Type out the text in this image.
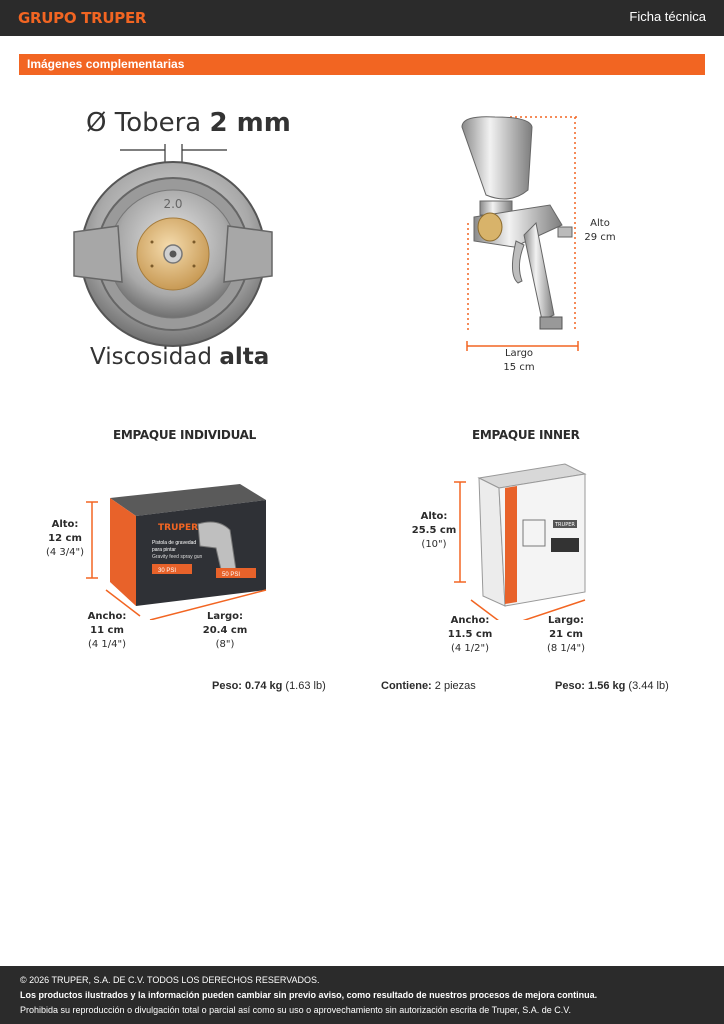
GRUPO TRUPER	Ficha técnica
Imágenes complementarias
Ø Tobera 2 mm
2.0
Viscosidad alta
Alto
29 cm
Largo
15 cm
EMPAQUE INDIVIDUAL
TRUPER
Pistola de gravedad
para pintar
Gravity feed spray gun
30 PSI
50 PSI
Alto:
12 cm
(4 3/4")
Ancho:
11 cm
(4 1/4")
Largo:
20.4 cm
(8")
EMPAQUE INNER
TRUPER
Alto:
25.5 cm
(10")
Ancho:
11.5 cm
(4 1/2")
Largo:
21 cm
(8 1/4")
Peso: 0.74 kg (1.63 lb)	Contiene: 2 piezas	Peso: 1.56 kg (3.44 lb)
© 2026 TRUPER, S.A. DE C.V. TODOS LOS DERECHOS RESERVADOS.
Los productos ilustrados y la información pueden cambiar sin previo aviso, como resultado de nuestros procesos de mejora continua.
Prohibida su reproducción o divulgación total o parcial así como su uso o aprovechamiento sin autorización escrita de Truper, S.A. de C.V.
